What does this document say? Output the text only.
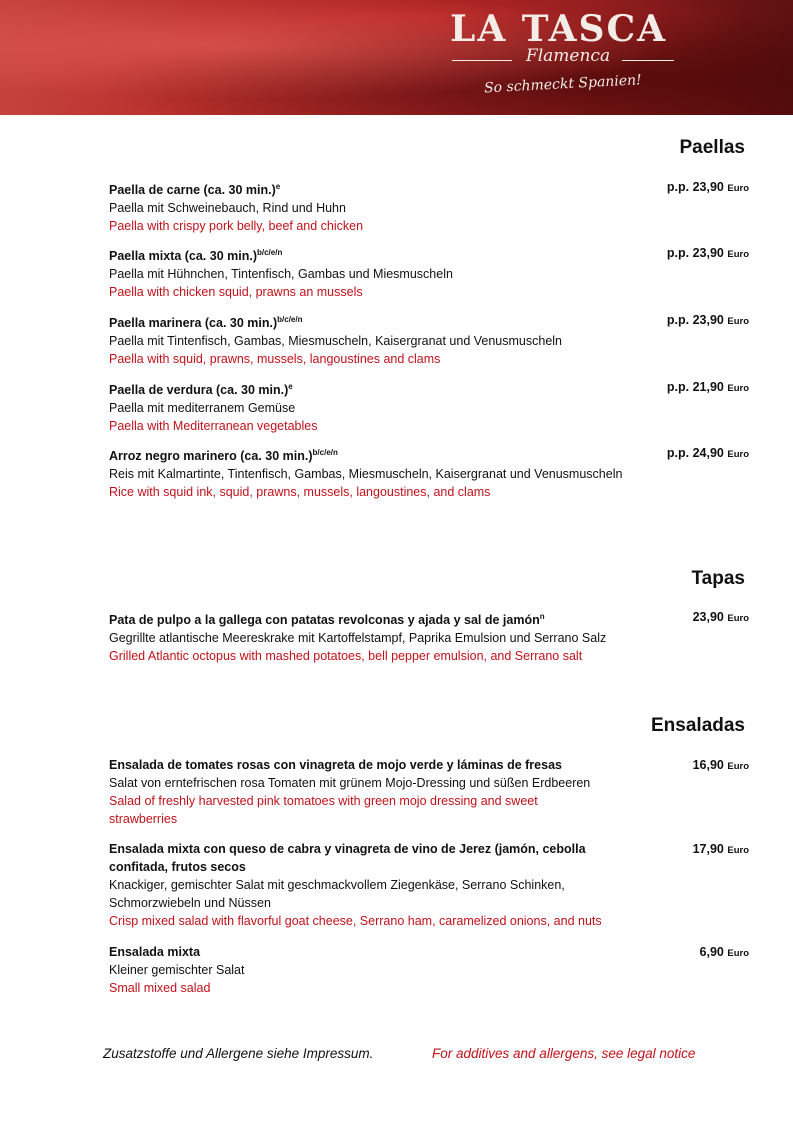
LA TASCA
Flamenca
So schmeckt Spanien!
Paellas
Paella de carne (ca. 30 min.)$^e$
Paella mit Schweinebauch, Rind und Huhn
Paella with crispy pork belly, beef and chicken
p.p. 23,90 Euro
Paella mixta (ca. 30 min.)$^{b/c/e/n}$
Paella mit Hühnchen, Tintenfisch, Gambas und Miesmuscheln
Paella with chicken squid, prawns an mussels
p.p. 23,90 Euro
Paella marinera (ca. 30 min.)$^{b/c/e/n}$
Paella mit Tintenfisch, Gambas, Miesmuscheln, Kaisergranat und Venusmuscheln
Paella with squid, prawns, mussels, langoustines and clams
p.p. 23,90 Euro
Paella de verdura (ca. 30 min.)$^e$
Paella mit mediterranem Gemüse
Paella with Mediterranean vegetables
p.p. 21,90 Euro
Arroz negro marinero (ca. 30 min.)$^{b/c/e/n}$
Reis mit Kalmartinte, Tintenfisch, Gambas, Miesmuscheln, Kaisergranat und Venusmuscheln
Rice with squid ink, squid, prawns, mussels, langoustines, and clams
p.p. 24,90 Euro
Tapas
Pata de pulpo a la gallega con patatas revolconas y ajada y sal de jamón$^n$
Gegrillte atlantische Meereskrake mit Kartoffelstampf, Paprika Emulsion und Serrano Salz
Grilled Atlantic octopus with mashed potatoes, bell pepper emulsion, and Serrano salt
23,90 Euro
Ensaladas
Ensalada de tomates rosas con vinagreta de mojo verde y láminas de fresas
Salat von erntefrischen rosa Tomaten mit grünem Mojo-Dressing und süßen Erdbeeren
Salad of freshly harvested pink tomatoes with green mojo dressing and sweet strawberries
16,90 Euro
Ensalada mixta con queso de cabra y vinagreta de vino de Jerez (jamón, cebolla confitada, frutos secos
Knackiger, gemischter Salat mit geschmackvollem Ziegenkäse, Serrano Schinken, Schmorzwiebeln und Nüssen
Crisp mixed salad with flavorful goat cheese, Serrano ham, caramelized onions, and nuts
17,90 Euro
Ensalada mixta
Kleiner gemischter Salat
Small mixed salad
6,90 Euro
Zusatzstoffe und Allergene siehe Impressum.	For additives and allergens, see legal notice
